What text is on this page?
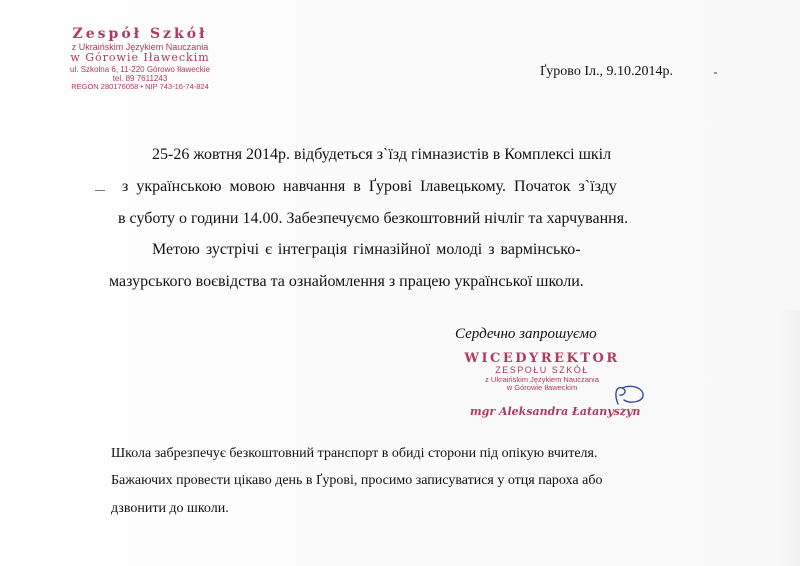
Zespół Szkół
z Ukraińskim Językiem Nauczania
w Górowie Iławeckim
ul. Szkolna 6, 11-220 Górowo Iławeckie
tel. 89 7611243
REGON 280176058 • NIP 743-16-74-824
Ґурово Іл., 9.10.2014р.
25-26 жовтня 2014р. відбудеться з`їзд гімназистів в Комплексі шкіл
з українською мовою навчання в Ґурові Ілавецькому. Початок з`їзду
в суботу о години 14.00. Забезпечуємо безкоштовний нічліг та харчування.
Метою зустрічі є інтеграція гімназійної молоді з вармінсько-
мазурського воєвідства та ознайомлення з працею української школи.
Сердечно запрошуємо
WICEDYREKTOR
ZESPOŁU SZKÓŁ
z Ukraińskim Językiem Nauczania
w Górowie Iławeckim
mgr Aleksandra Łatanyszyn
Школа забрезпечує безкоштовний транспорт в обиді сторони під опікую вчителя.
Бажаючих провести цікаво день в Ґурові, просимо записуватися у отця пароха або
дзвонити до школи.
